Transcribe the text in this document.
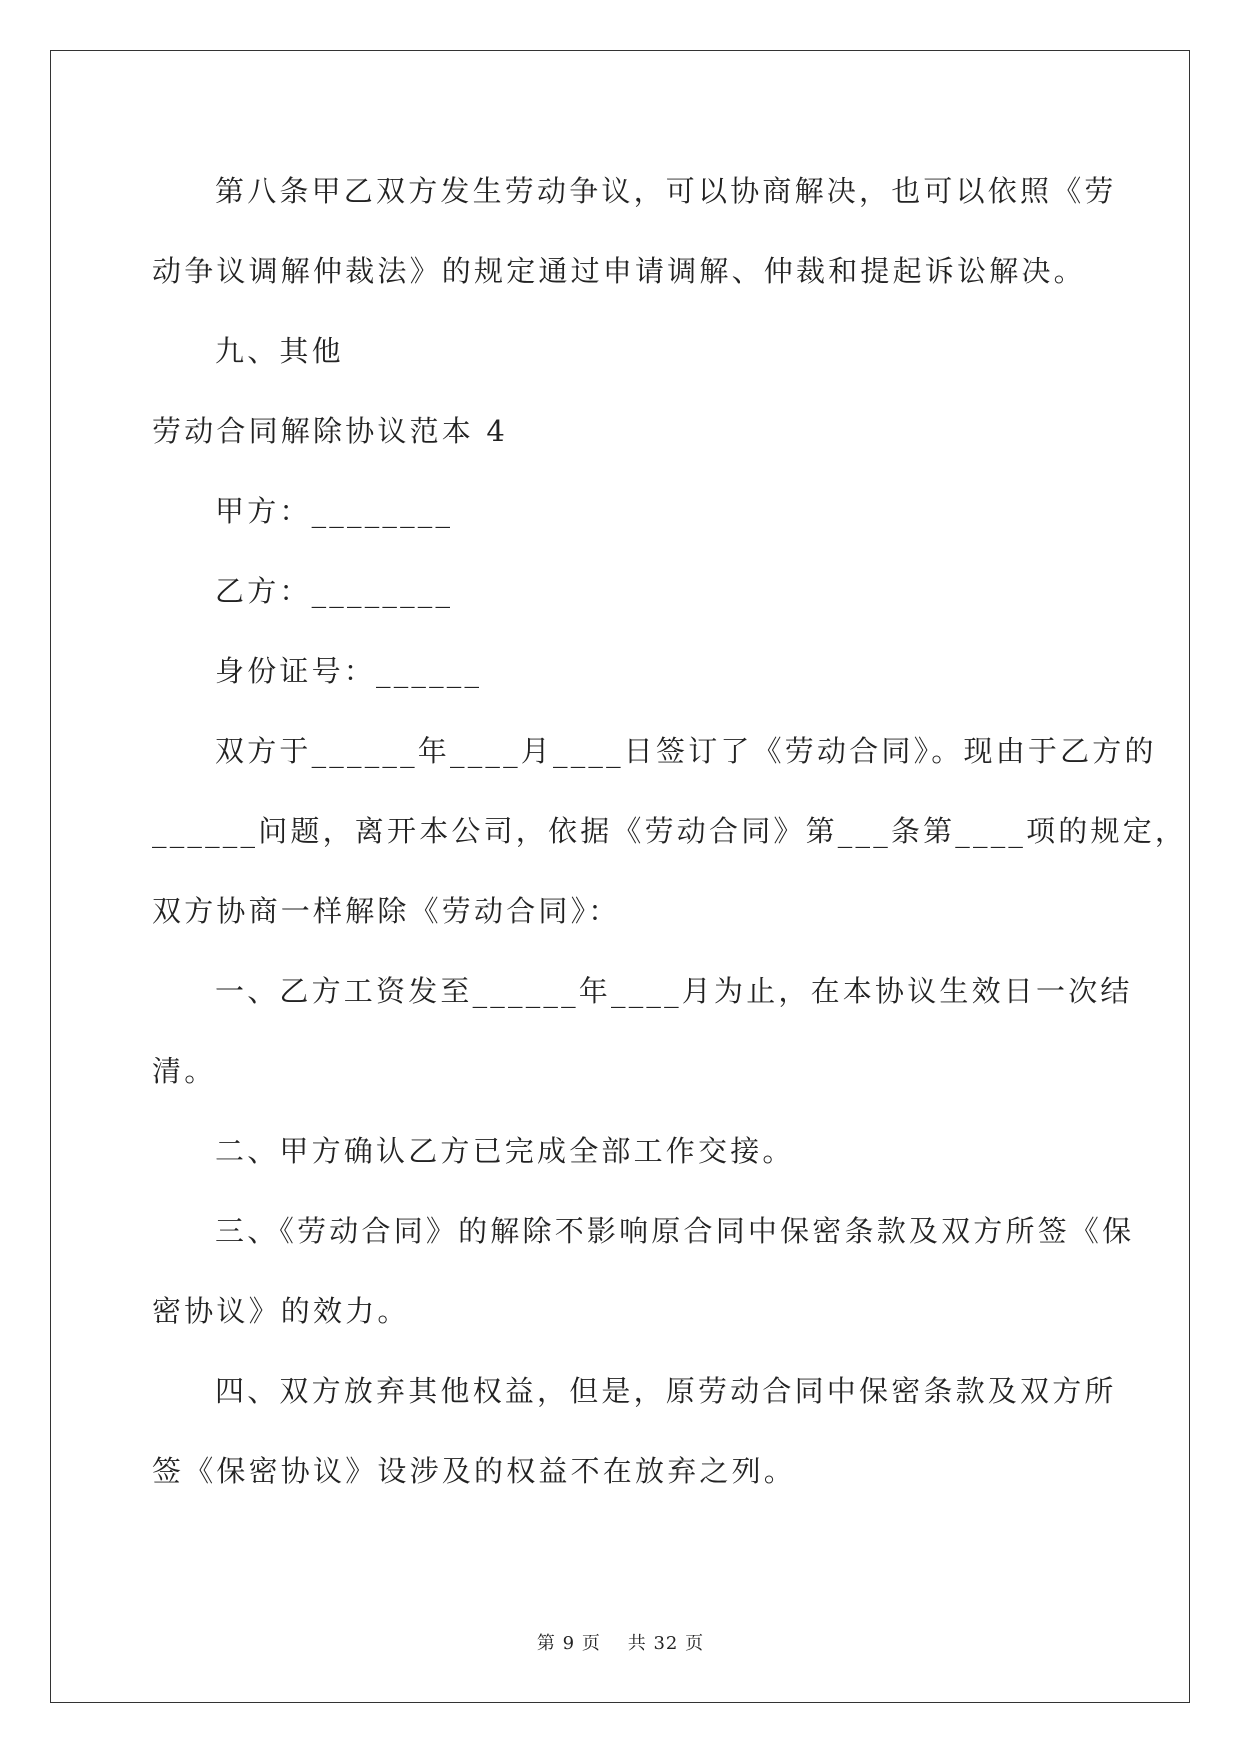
第八条甲乙双方发生劳动争议，可以协商解决，也可以依照《劳
动争议调解仲裁法》的规定通过申请调解、仲裁和提起诉讼解决。
九、其他
劳动合同解除协议范本 4
甲方：________
乙方：________
身份证号：______
双方于______年____月____日签订了《劳动合同》。现由于乙方的
______问题，离开本公司，依据《劳动合同》第___条第____项的规定，
双方协商一样解除《劳动合同》：
一、乙方工资发至______年____月为止，在本协议生效日一次结
清。
二、甲方确认乙方已完成全部工作交接。
三、《劳动合同》的解除不影响原合同中保密条款及双方所签《保
密协议》的效力。
四、双方放弃其他权益，但是，原劳动合同中保密条款及双方所
签《保密协议》设涉及的权益不在放弃之列。
第 9 页 共 32 页
